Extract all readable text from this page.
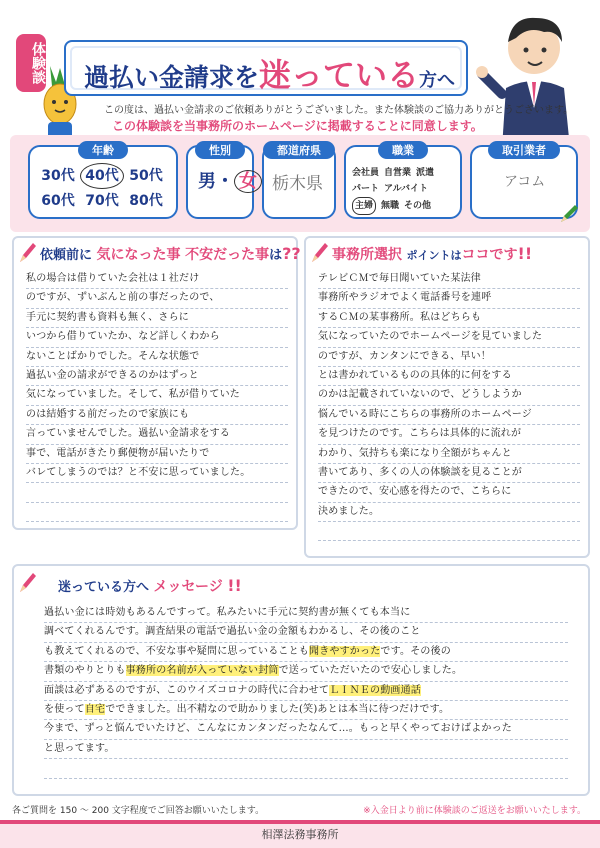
体験談 過払い金請求を迷っている方へ
この度は、過払い金請求のご依頼ありがとうございました。また体験談のご協力ありがとうございます。
この体験談を当事務所のホームページに掲載することに同意します。
年齢
30代 40代 50代 60代 70代 80代
性別
男・ 女
都道府県
栃木県
職業
会社員 自営業 派遣
パート アルバイト
主婦 無職 その他
取引業者
アコム
依頼前に 気になった事 不安だった事は??
私の場合は借りていた会社は１社だけ
のですが、ずいぶんと前の事だったので、
手元に契約書も資料も無く、さらに
いつから借りていたか、など詳しくわから
ないことばかりでした。そんな状態で
過払い金の請求ができるのかはずっと
気になっていました。そして、私が借りていた
のは結婚する前だったので家族にも
言っていませんでした。過払い金請求をする
事で、電話がきたり郵便物が届いたりで
バレてしまうのでは？と不安に思っていました。
事務所選択 ポイントはココです!!
テレビＣＭで毎日聞いていた某法律
事務所やラジオでよく電話番号を連呼
するＣＭの某事務所。私はどちらも
気になっていたのでホームページを見ていました
のですが、カンタンにできる、早い！
とは書かれているものの具体的に何をする
のかは記載されていないので、どうしようか
悩んでいる時にこちらの事務所のホームページ
を見つけたのです。こちらは具体的に流れが
わかり、気持ちも楽になり全額がちゃんと
書いてあり、多くの人の体験談を見ることが
できたので、安心感を得たので、こちらに
決めました。
迷っている方へ メッセージ !!
過払い金には時効もあるんですって。私みたいに手元に契約書が無くても本当に
調べてくれるんです。調査結果の電話で過払い金の金額もわかるし、その後のこと
も教えてくれるので、不安な事や疑問に思っていることも聞きやすかったです。その後の
書類のやりとりも事務所の名前が入っていない封筒で送っていただいたので安心しました。
面談は必ずあるのですが、このウイズコロナの時代に合わせてＬＩＮＥの動画通話
を使って自宅でできました。出不精なので助かりました(笑)あとは本当に待つだけです。
今まで、ずっと悩んでいたけど、こんなにカンタンだったなんて…。もっと早くやっておけばよかった
と思ってます。
各ご質問を 150 ～ 200 文字程度でご回答お願いいたします。	※入金日より前に体験談のご返送をお願いいたします。
相澤法務事務所
